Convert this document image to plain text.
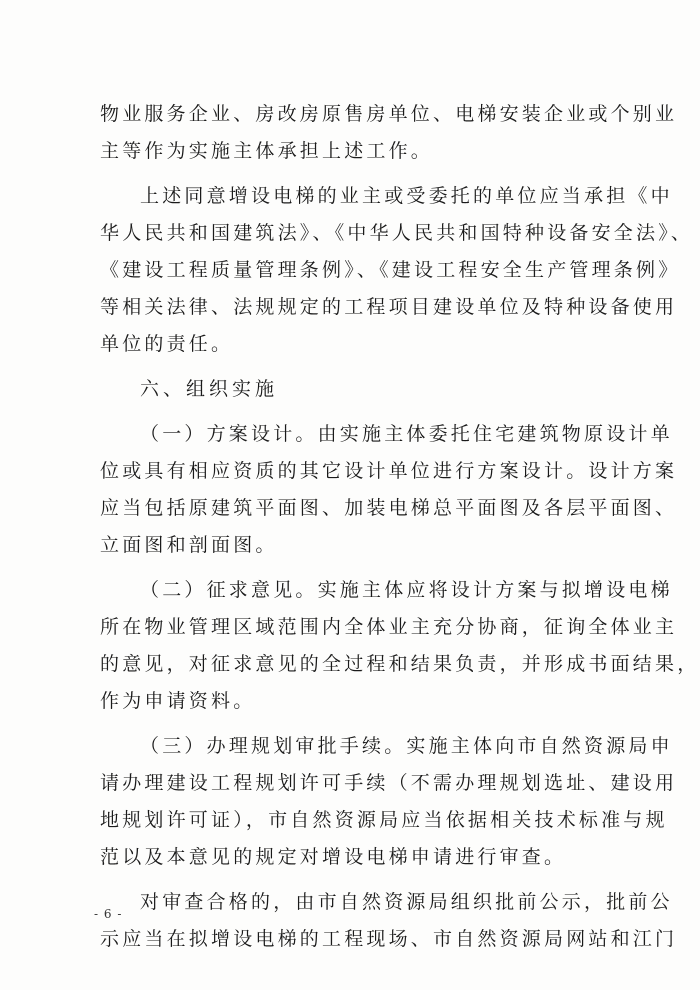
物业服务企业、房改房原售房单位、电梯安装企业或个别业
主等作为实施主体承担上述工作。
上述同意增设电梯的业主或受委托的单位应当承担《中
华人民共和国建筑法》、《中华人民共和国特种设备安全法》、
《建设工程质量管理条例》、《建设工程安全生产管理条例》
等相关法律、法规规定的工程项目建设单位及特种设备使用
单位的责任。
六、组织实施
（一）方案设计。由实施主体委托住宅建筑物原设计单
位或具有相应资质的其它设计单位进行方案设计。设计方案
应当包括原建筑平面图、加装电梯总平面图及各层平面图、
立面图和剖面图。
（二）征求意见。实施主体应将设计方案与拟增设电梯
所在物业管理区域范围内全体业主充分协商，征询全体业主
的意见，对征求意见的全过程和结果负责，并形成书面结果，
作为申请资料。
（三）办理规划审批手续。实施主体向市自然资源局申
请办理建设工程规划许可手续（不需办理规划选址、建设用
地规划许可证），市自然资源局应当依据相关技术标准与规
范以及本意见的规定对增设电梯申请进行审查。
对审查合格的，由市自然资源局组织批前公示，批前公
示应当在拟增设电梯的工程现场、市自然资源局网站和江门
- 6 -
